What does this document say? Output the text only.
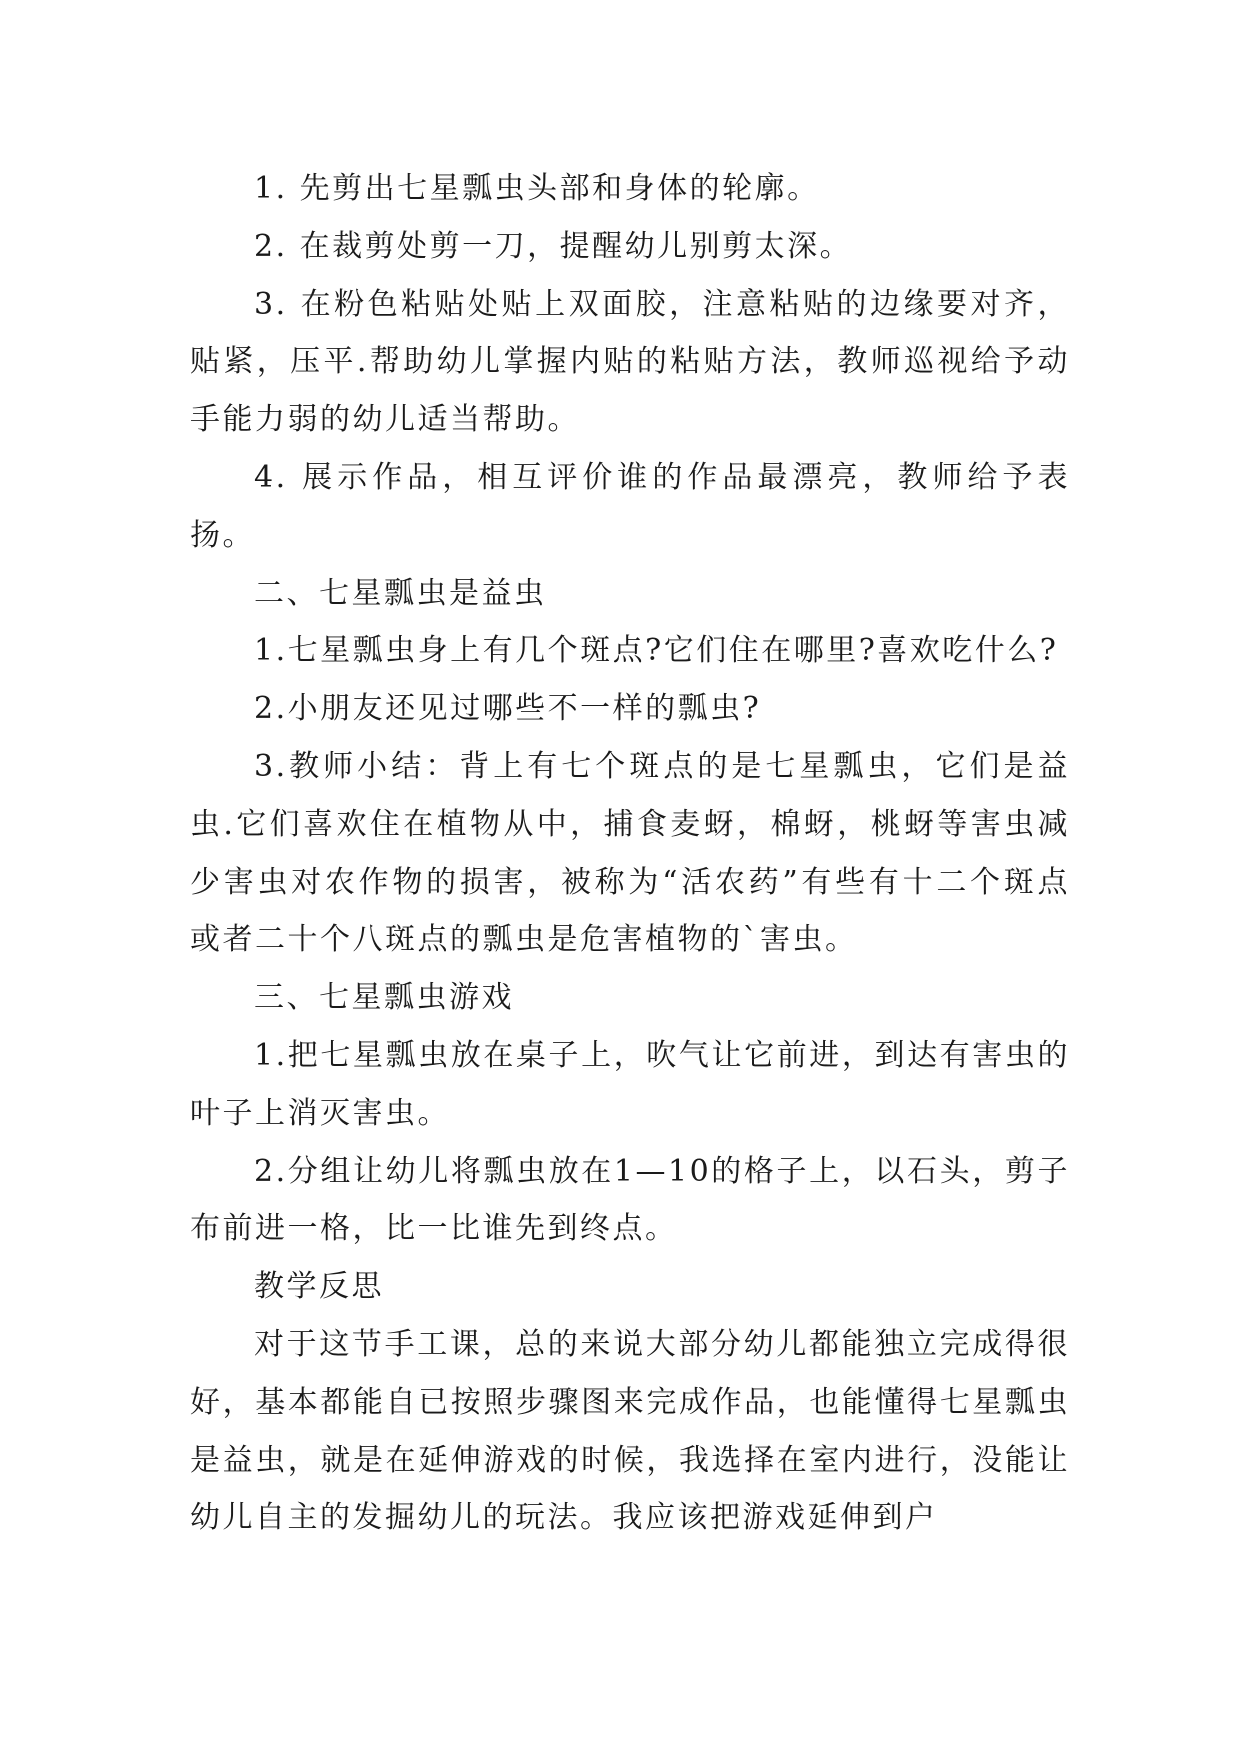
1. 先剪出七星瓢虫头部和身体的轮廓。

2. 在裁剪处剪一刀，提醒幼儿别剪太深。

3. 在粉色粘贴处贴上双面胶，注意粘贴的边缘要对齐，贴紧，压平.帮助幼儿掌握内贴的粘贴方法，教师巡视给予动手能力弱的幼儿适当帮助。

4. 展示作品，相互评价谁的作品最漂亮，教师给予表扬。

二、七星瓢虫是益虫

1.七星瓢虫身上有几个斑点?它们住在哪里?喜欢吃什么?

2.小朋友还见过哪些不一样的瓢虫?

3.教师小结：背上有七个斑点的是七星瓢虫，它们是益虫.它们喜欢住在植物从中，捕食麦蚜，棉蚜，桃蚜等害虫减少害虫对农作物的损害，被称为“活农药”有些有十二个斑点或者二十个八斑点的瓢虫是危害植物的`害虫。

三、七星瓢虫游戏

1.把七星瓢虫放在桌子上，吹气让它前进，到达有害虫的叶子上消灭害虫。

2.分组让幼儿将瓢虫放在1—10的格子上，以石头，剪子布前进一格，比一比谁先到终点。

教学反思

对于这节手工课，总的来说大部分幼儿都能独立完成得很好，基本都能自已按照步骤图来完成作品，也能懂得七星瓢虫是益虫，就是在延伸游戏的时候，我选择在室内进行，没能让幼儿自主的发掘幼儿的玩法。我应该把游戏延伸到户
